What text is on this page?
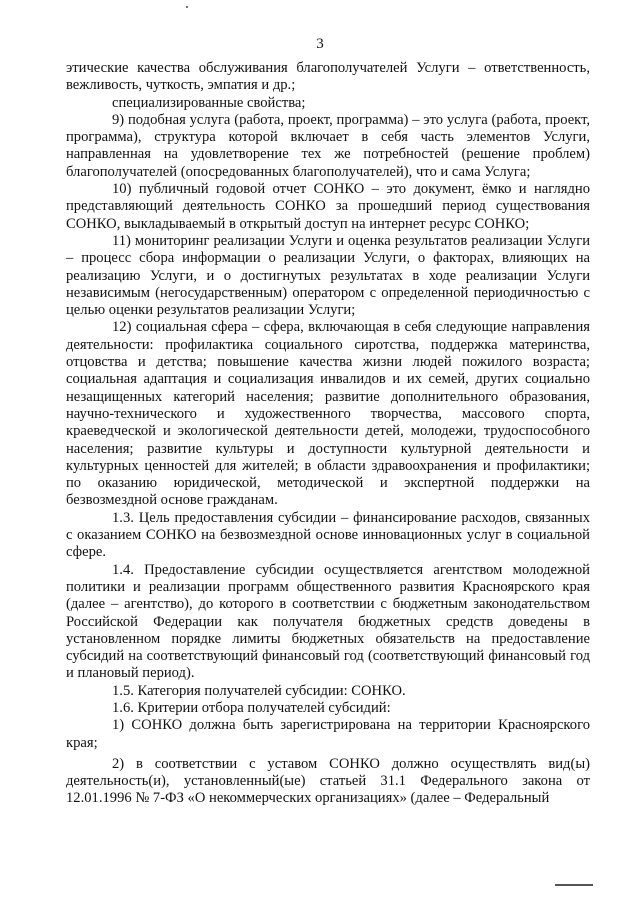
3

этические качества обслуживания благополучателей Услуги – ответственность, вежливость, чуткость, эмпатия и др.;

специализированные свойства;

9) подобная услуга (работа, проект, программа) – это услуга (работа, проект, программа), структура которой включает в себя часть элементов Услуги, направленная на удовлетворение тех же потребностей (решение проблем) благополучателей (опосредованных благополучателей), что и сама Услуга;

10) публичный годовой отчет СОНКО – это документ, ёмко и наглядно представляющий деятельность СОНКО за прошедший период существования СОНКО, выкладываемый в открытый доступ на интернет ресурс СОНКО;

11) мониторинг реализации Услуги и оценка результатов реализации Услуги – процесс сбора информации о реализации Услуги, о факторах, влияющих на реализацию Услуги, и о достигнутых результатах в ходе реализации Услуги независимым (негосударственным) оператором с определенной периодичностью с целью оценки результатов реализации Услуги;

12) социальная сфера – сфера, включающая в себя следующие направления деятельности: профилактика социального сиротства, поддержка материнства, отцовства и детства; повышение качества жизни людей пожилого возраста; социальная адаптация и социализация инвалидов и их семей, других социально незащищенных категорий населения; развитие дополнительного образования, научно-технического и художественного творчества, массового спорта, краеведческой и экологической деятельности детей, молодежи, трудоспособного населения; развитие культуры и доступности культурной деятельности и культурных ценностей для жителей; в области здравоохранения и профилактики; по оказанию юридической, методической и экспертной поддержки на безвозмездной основе гражданам.

1.3. Цель предоставления субсидии – финансирование расходов, связанных с оказанием СОНКО на безвозмездной основе инновационных услуг в социальной сфере.

1.4. Предоставление субсидии осуществляется агентством молодежной политики и реализации программ общественного развития Красноярского края (далее – агентство), до которого в соответствии с бюджетным законодательством Российской Федерации как получателя бюджетных средств доведены в установленном порядке лимиты бюджетных обязательств на предоставление субсидий на соответствующий финансовый год (соответствующий финансовый год и плановый период).

1.5. Категория получателей субсидии: СОНКО.

1.6. Критерии отбора получателей субсидий:

1) СОНКО должна быть зарегистрирована на территории Красноярского края;

2) в соответствии с уставом СОНКО должно осуществлять вид(ы) деятельность(и), установленный(ые) статьей 31.1 Федерального закона от 12.01.1996 № 7-ФЗ «О некоммерческих организациях» (далее – Федеральный
